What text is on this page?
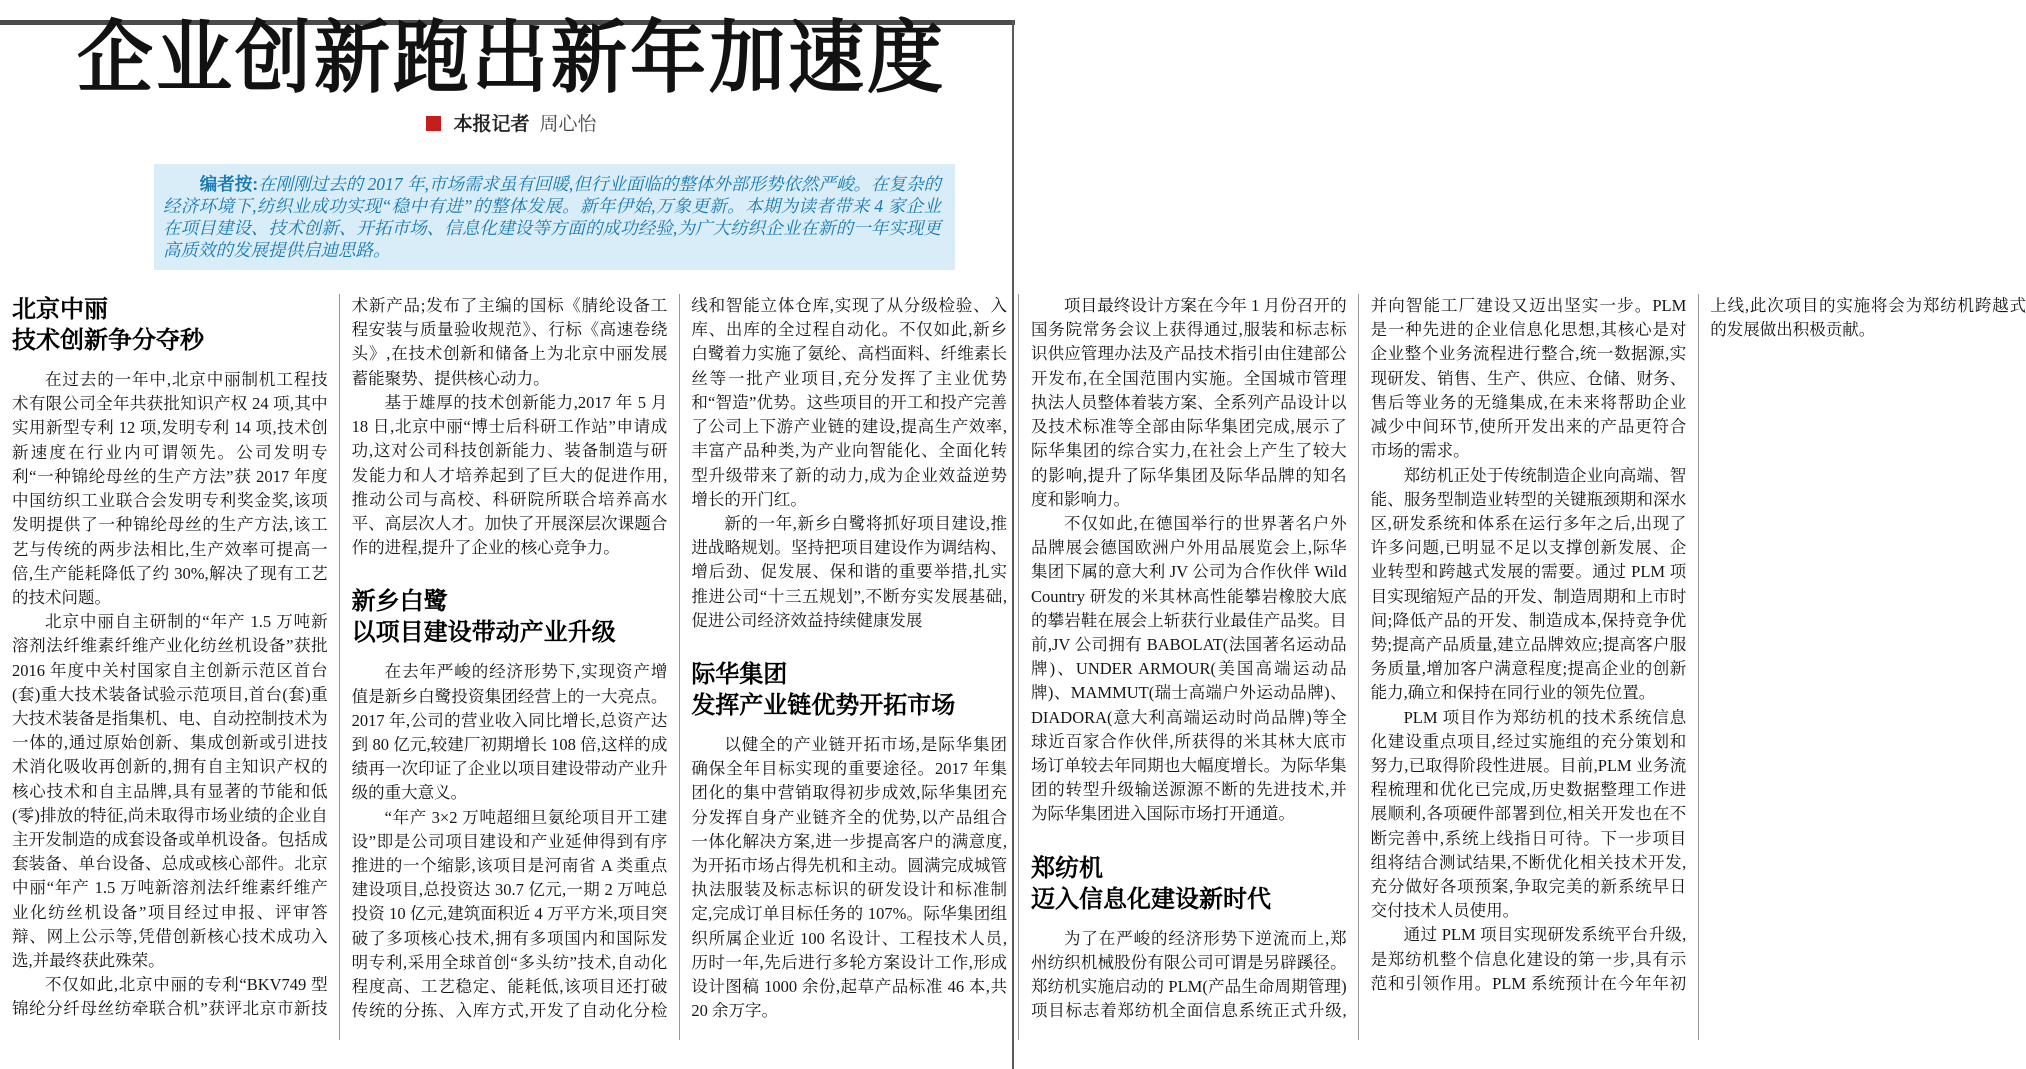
企业创新跑出新年加速度
本报记者 周心怡

编者按:在刚刚过去的 2017 年,市场需求虽有回暖,但行业面临的整体外部形势依然严峻。在复杂的经济环境下,纺织业成功实现“稳中有进”的整体发展。新年伊始,万象更新。本期为读者带来 4 家企业在项目建设、技术创新、开拓市场、信息化建设等方面的成功经验,为广大纺织企业在新的一年实现更高质效的发展提供启迪思路。

北京中丽
技术创新争分夺秒

在过去的一年中,北京中丽制机工程技术有限公司全年共获批知识产权 24 项,其中实用新型专利 12 项,发明专利 14 项,技术创新速度在行业内可谓领先。公司发明专利“一种锦纶母丝的生产方法”获 2017 年度中国纺织工业联合会发明专利奖金奖,该项发明提供了一种锦纶母丝的生产方法,该工艺与传统的两步法相比,生产效率可提高一倍,生产能耗降低了约 30%,解决了现有工艺的技术问题。

北京中丽自主研制的“年产 1.5 万吨新溶剂法纤维素纤维产业化纺丝机设备”获批 2016 年度中关村国家自主创新示范区首台(套)重大技术装备试验示范项目,首台(套)重大技术装备是指集机、电、自动控制技术为一体的,通过原始创新、集成创新或引进技术消化吸收再创新的,拥有自主知识产权的核心技术和自主品牌,具有显著的节能和低(零)排放的特征,尚未取得市场业绩的企业自主开发制造的成套设备或单机设备。包括成套装备、单台设备、总成或核心部件。北京中丽“年产 1.5 万吨新溶剂法纤维素纤维产业化纺丝机设备”项目经过申报、评审答辩、网上公示等,凭借创新核心技术成功入选,并最终获此殊荣。

不仅如此,北京中丽的专利“BKV749 型锦纶分纤母丝纺牵联合机”获评北京市新技术新产品;发布了主编的国标《腈纶设备工程安装与质量验收规范》、行标《高速卷绕头》,在技术创新和储备上为北京中丽发展蓄能聚势、提供核心动力。

基于雄厚的技术创新能力,2017 年 5 月 18 日,北京中丽“博士后科研工作站”申请成功,这对公司科技创新能力、装备制造与研发能力和人才培养起到了巨大的促进作用,推动公司与高校、科研院所联合培养高水平、高层次人才。加快了开展深层次课题合作的进程,提升了企业的核心竞争力。

新乡白鹭
以项目建设带动产业升级

在去年严峻的经济形势下,实现资产增值是新乡白鹭投资集团经营上的一大亮点。2017 年,公司的营业收入同比增长,总资产达到 80 亿元,较建厂初期增长 108 倍,这样的成绩再一次印证了企业以项目建设带动产业升级的重大意义。

“年产 3×2 万吨超细旦氨纶项目开工建设”即是公司项目建设和产业延伸得到有序推进的一个缩影,该项目是河南省 A 类重点建设项目,总投资达 30.7 亿元,一期 2 万吨总投资 10 亿元,建筑面积近 4 万平方米,项目突破了多项核心技术,拥有多项国内和国际发明专利,采用全球首创“多头纺”技术,自动化程度高、工艺稳定、能耗低,该项目还打破传统的分拣、入库方式,开发了自动化分检线和智能立体仓库,实现了从分级检验、入库、出库的全过程自动化。不仅如此,新乡白鹭着力实施了氨纶、高档面料、纤维素长丝等一批产业项目,充分发挥了主业优势和“智造”优势。这些项目的开工和投产完善了公司上下游产业链的建设,提高生产效率,丰富产品种类,为产业向智能化、全面化转型升级带来了新的动力,成为企业效益逆势增长的开门红。

新的一年,新乡白鹭将抓好项目建设,推进战略规划。坚持把项目建设作为调结构、增后劲、促发展、保和谐的重要举措,扎实推进公司“十三五规划”,不断夯实发展基础,促进公司经济效益持续健康发展

际华集团
发挥产业链优势开拓市场

以健全的产业链开拓市场,是际华集团确保全年目标实现的重要途径。2017 年集团化的集中营销取得初步成效,际华集团充分发挥自身产业链齐全的优势,以产品组合一体化解决方案,进一步提高客户的满意度,为开拓市场占得先机和主动。圆满完成城管执法服装及标志标识的研发设计和标准制定,完成订单目标任务的 107%。际华集团组织所属企业近 100 名设计、工程技术人员,历时一年,先后进行多轮方案设计工作,形成设计图稿 1000 余份,起草产品标准 46 本,共 20 余万字。

项目最终设计方案在今年 1 月份召开的国务院常务会议上获得通过,服装和标志标识供应管理办法及产品技术指引由住建部公开发布,在全国范围内实施。全国城市管理执法人员整体着装方案、全系列产品设计以及技术标准等全部由际华集团完成,展示了际华集团的综合实力,在社会上产生了较大的影响,提升了际华集团及际华品牌的知名度和影响力。

不仅如此,在德国举行的世界著名户外品牌展会德国欧洲户外用品展览会上,际华集团下属的意大利 JV 公司为合作伙伴 Wild Country 研发的米其林高性能攀岩橡胶大底的攀岩鞋在展会上斩获行业最佳产品奖。目前,JV 公司拥有 BABOLAT(法国著名运动品牌)、UNDER ARMOUR(美国高端运动品牌)、MAMMUT(瑞士高端户外运动品牌)、DIADORA(意大利高端运动时尚品牌)等全球近百家合作伙伴,所获得的米其林大底市场订单较去年同期也大幅度增长。为际华集团的转型升级输送源源不断的先进技术,并为际华集团进入国际市场打开通道。

郑纺机
迈入信息化建设新时代

为了在严峻的经济形势下逆流而上,郑州纺织机械股份有限公司可谓是另辟蹊径。郑纺机实施启动的 PLM(产品生命周期管理)项目标志着郑纺机全面信息系统正式升级,并向智能工厂建设又迈出坚实一步。PLM 是一种先进的企业信息化思想,其核心是对企业整个业务流程进行整合,统一数据源,实现研发、销售、生产、供应、仓储、财务、售后等业务的无缝集成,在未来将帮助企业减少中间环节,使所开发出来的产品更符合市场的需求。

郑纺机正处于传统制造企业向高端、智能、服务型制造业转型的关键瓶颈期和深水区,研发系统和体系在运行多年之后,出现了许多问题,已明显不足以支撑创新发展、企业转型和跨越式发展的需要。通过 PLM 项目实现缩短产品的开发、制造周期和上市时间;降低产品的开发、制造成本,保持竞争优势;提高产品质量,建立品牌效应;提高客户服务质量,增加客户满意程度;提高企业的创新能力,确立和保持在同行业的领先位置。

PLM 项目作为郑纺机的技术系统信息化建设重点项目,经过实施组的充分策划和努力,已取得阶段性进展。目前,PLM 业务流程梳理和优化已完成,历史数据整理工作进展顺利,各项硬件部署到位,相关开发也在不断完善中,系统上线指日可待。下一步项目组将结合测试结果,不断优化相关技术开发,充分做好各项预案,争取完美的新系统早日交付技术人员使用。

通过 PLM 项目实现研发系统平台升级,是郑纺机整个信息化建设的第一步,具有示范和引领作用。PLM 系统预计在今年年初上线,此次项目的实施将会为郑纺机跨越式的发展做出积极贡献。
